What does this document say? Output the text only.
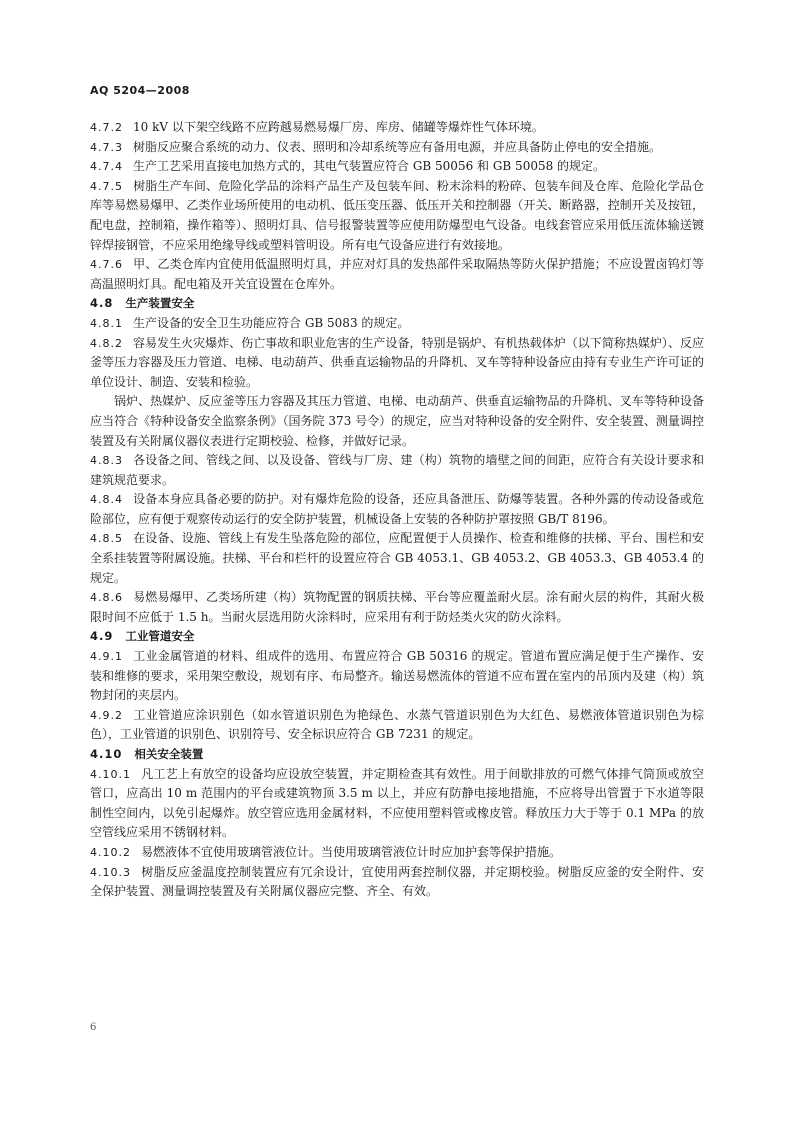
AQ 5204—2008

4.7.2 10 kV 以下架空线路不应跨越易燃易爆厂房、库房、储罐等爆炸性气体环境。

4.7.3 树脂反应聚合系统的动力、仪表、照明和冷却系统等应有备用电源，并应具备防止停电的安全措施。

4.7.4 生产工艺采用直接电加热方式的，其电气装置应符合 GB 50056 和 GB 50058 的规定。

4.7.5 树脂生产车间、危险化学品的涂料产品生产及包装车间、粉末涂料的粉碎、包装车间及仓库、危险化学品仓库等易燃易爆甲、乙类作业场所使用的电动机、低压变压器、低压开关和控制器（开关、断路器，控制开关及按钮，配电盘，控制箱，操作箱等）、照明灯具、信号报警装置等应使用防爆型电气设备。电线套管应采用低压流体输送镀锌焊接钢管，不应采用绝缘导线或塑料管明设。所有电气设备应进行有效接地。

4.7.6 甲、乙类仓库内宜使用低温照明灯具，并应对灯具的发热部件采取隔热等防火保护措施；不应设置卤钨灯等高温照明灯具。配电箱及开关宜设置在仓库外。

4.8 生产装置安全

4.8.1 生产设备的安全卫生功能应符合 GB 5083 的规定。

4.8.2 容易发生火灾爆炸、伤亡事故和职业危害的生产设备，特别是锅炉、有机热载体炉（以下简称热媒炉）、反应釜等压力容器及压力管道、电梯、电动葫芦、供垂直运输物品的升降机、叉车等特种设备应由持有专业生产许可证的单位设计、制造、安装和检验。

锅炉、热媒炉、反应釜等压力容器及其压力管道、电梯、电动葫芦、供垂直运输物品的升降机、叉车等特种设备应当符合《特种设备安全监察条例》（国务院 373 号令）的规定，应当对特种设备的安全附件、安全装置、测量调控装置及有关附属仪器仪表进行定期校验、检修，并做好记录。

4.8.3 各设备之间、管线之间、以及设备、管线与厂房、建（构）筑物的墙壁之间的间距，应符合有关设计要求和建筑规范要求。

4.8.4 设备本身应具备必要的防护。对有爆炸危险的设备，还应具备泄压、防爆等装置。各种外露的传动设备或危险部位，应有便于观察传动运行的安全防护装置，机械设备上安装的各种防护罩按照 GB/T 8196。

4.8.5 在设备、设施、管线上有发生坠落危险的部位，应配置便于人员操作、检查和维修的扶梯、平台、围栏和安全系挂装置等附属设施。扶梯、平台和栏杆的设置应符合 GB 4053.1、GB 4053.2、GB 4053.3、GB 4053.4 的规定。

4.8.6 易燃易爆甲、乙类场所建（构）筑物配置的钢质扶梯、平台等应覆盖耐火层。涂有耐火层的构件，其耐火极限时间不应低于 1.5 h。当耐火层选用防火涂料时，应采用有利于防烃类火灾的防火涂料。

4.9 工业管道安全

4.9.1 工业金属管道的材料、组成件的选用、布置应符合 GB 50316 的规定。管道布置应满足便于生产操作、安装和维修的要求，采用架空敷设，规划有序、布局整齐。输送易燃流体的管道不应布置在室内的吊顶内及建（构）筑物封闭的夹层内。

4.9.2 工业管道应涂识别色（如水管道识别色为艳绿色、水蒸气管道识别色为大红色、易燃液体管道识别色为棕色），工业管道的识别色、识别符号、安全标识应符合 GB 7231 的规定。

4.10 相关安全装置

4.10.1 凡工艺上有放空的设备均应设放空装置，并定期检查其有效性。用于间歇排放的可燃气体排气筒顶或放空管口，应高出 10 m 范围内的平台或建筑物顶 3.5 m 以上，并应有防静电接地措施，不应将导出管置于下水道等限制性空间内，以免引起爆炸。放空管应选用金属材料，不应使用塑料管或橡皮管。释放压力大于等于 0.1 MPa 的放空管线应采用不锈钢材料。

4.10.2 易燃液体不宜使用玻璃管液位计。当使用玻璃管液位计时应加护套等保护措施。

4.10.3 树脂反应釜温度控制装置应有冗余设计，宜使用两套控制仪器，并定期校验。树脂反应釜的安全附件、安全保护装置、测量调控装置及有关附属仪器应完整、齐全、有效。

6
